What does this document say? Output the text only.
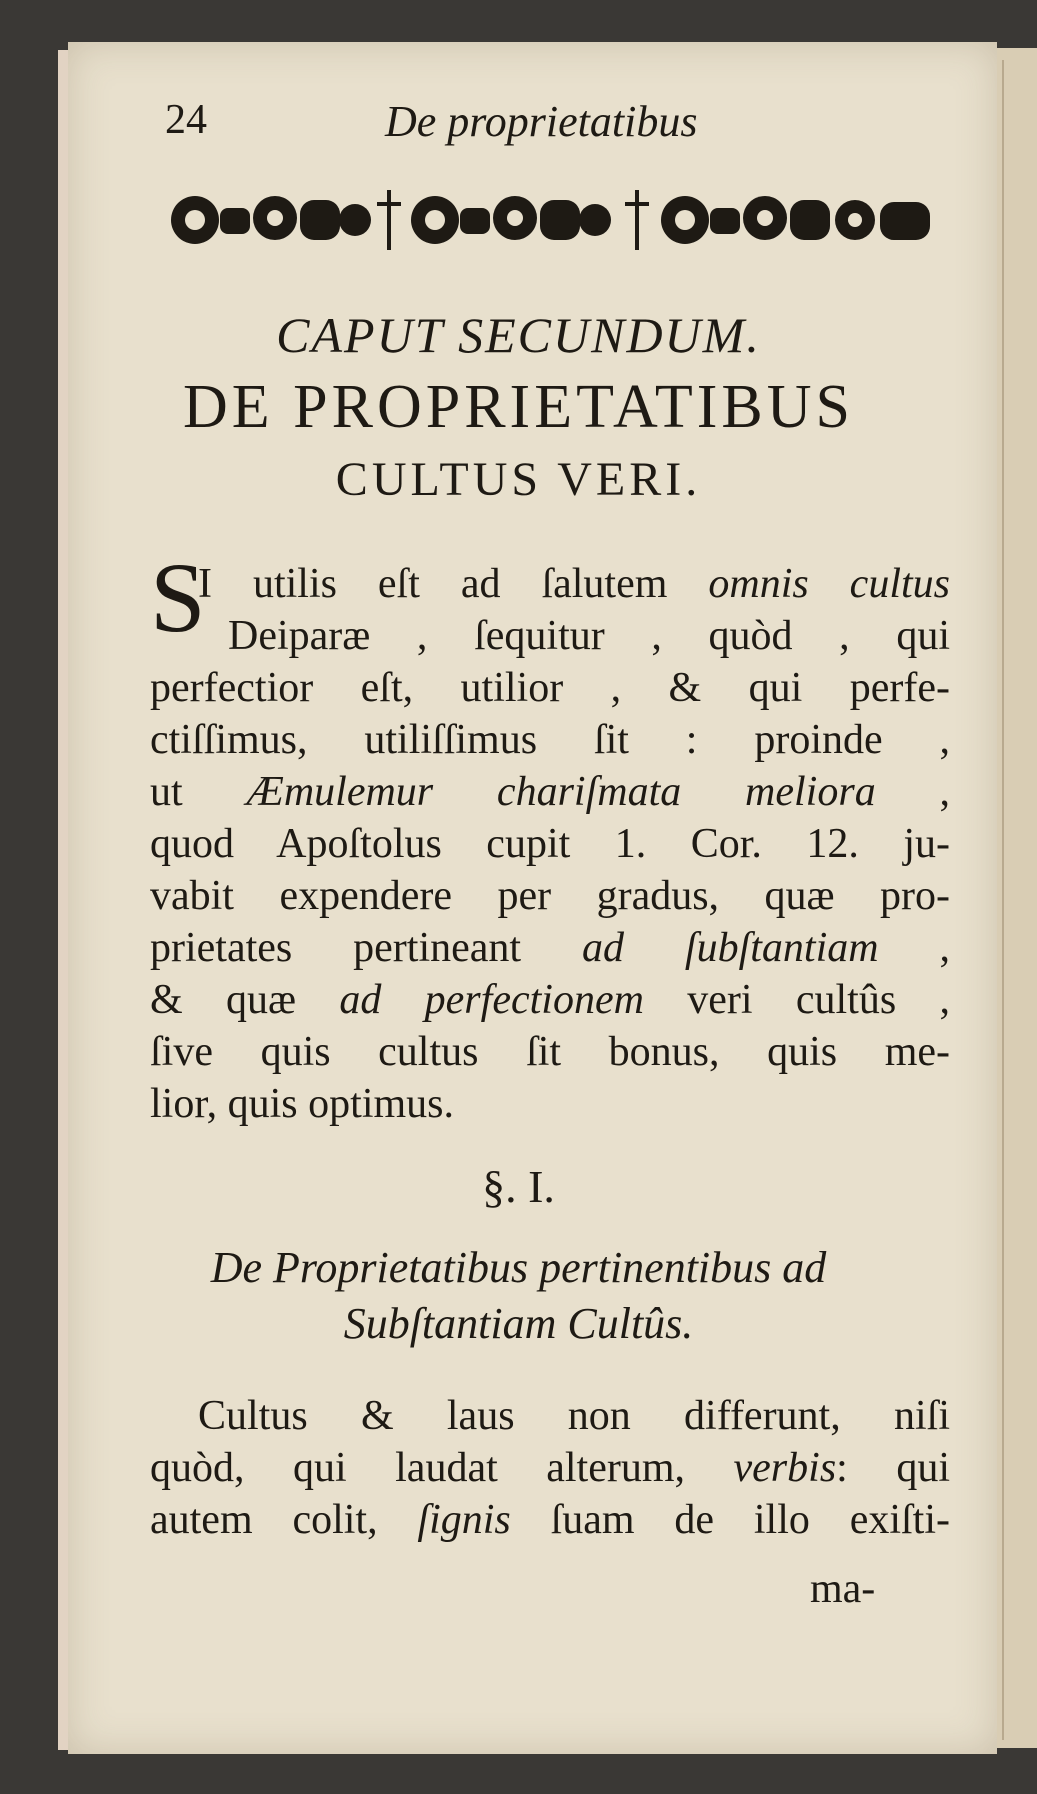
24	De proprietatibus
CAPUT SECUNDUM.
DE PROPRIETATIBUS
CULTUS VERI.
S
I utilis eſt ad ſalutem omnis cultus
Deiparæ , ſequitur , quòd , qui
perfectior eſt, utilior , & qui perfe-
ctiſſimus, utiliſſimus ſit : proinde ,
ut Æmulemur chariſmata meliora ,
quod Apoſtolus cupit 1. Cor. 12. ju-
vabit expendere per gradus, quæ pro-
prietates pertineant ad ſubſtantiam ,
& quæ ad perfectionem veri cultûs ,
ſive quis cultus ſit bonus, quis me-
lior, quis optimus.
§. I.
De Proprietatibus pertinentibus ad
Subſtantiam Cultûs.
Cultus & laus non differunt, niſi
quòd, qui laudat alterum, verbis: qui
autem colit, ſignis ſuam de illo exiſti-
ma-
